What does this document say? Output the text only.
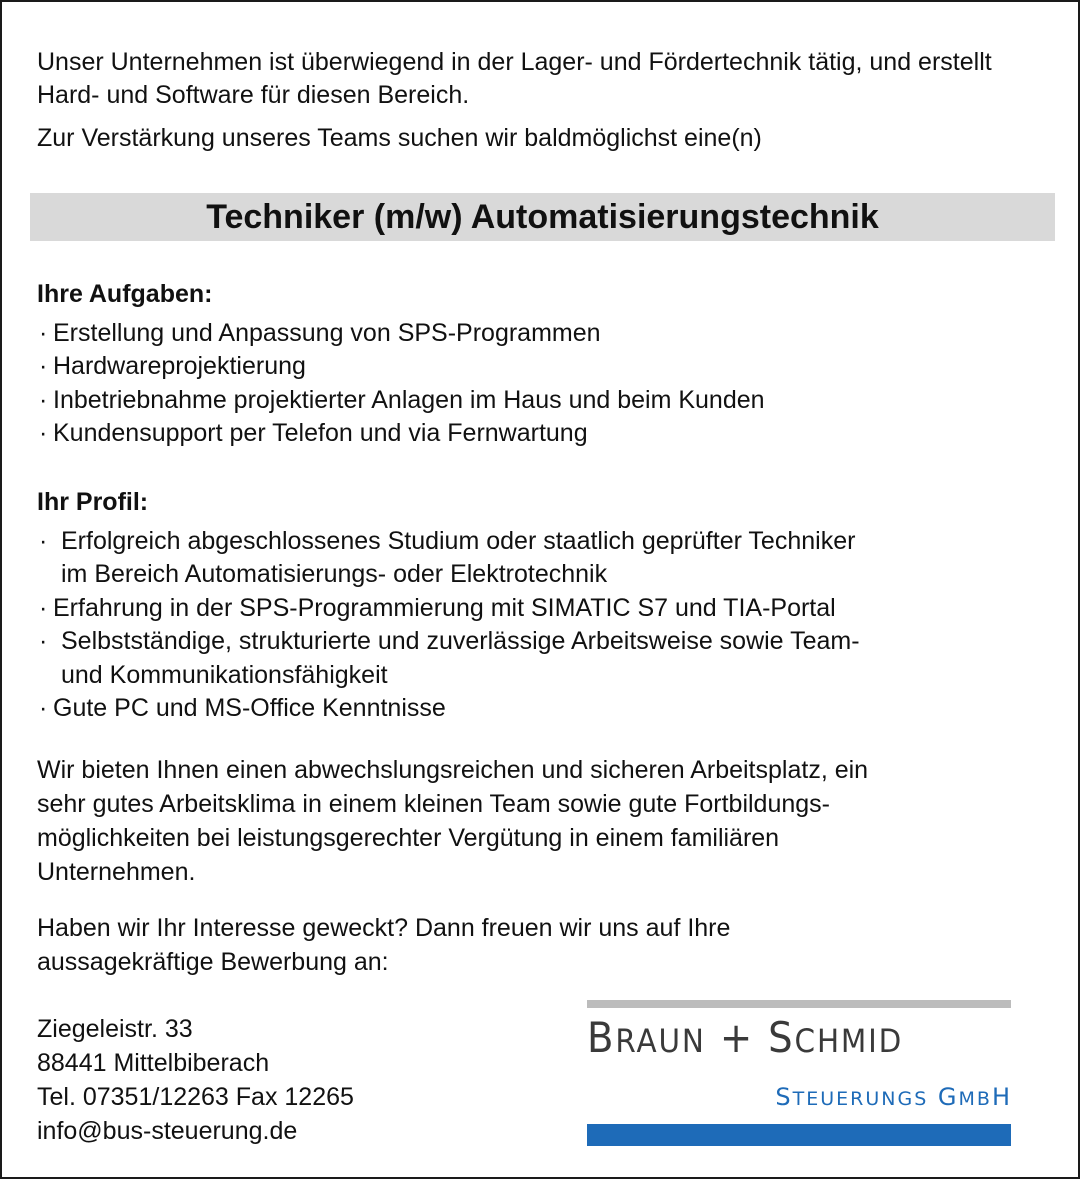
Unser Unternehmen ist überwiegend in der Lager- und Fördertechnik tätig, und erstellt Hard- und Software für diesen Bereich.

Zur Verstärkung unseres Teams suchen wir baldmöglichst eine(n)

Techniker (m/w) Automatisierungstechnik
Ihre Aufgaben:
· Erstellung und Anpassung von SPS-Programmen
· Hardwareprojektierung
· Inbetriebnahme projektierter Anlagen im Haus und beim Kunden
· Kundensupport per Telefon und via Fernwartung
Ihr Profil:
· Erfolgreich abgeschlossenes Studium oder staatlich geprüfter Techniker
im Bereich Automatisierungs- oder Elektrotechnik
· Erfahrung in der SPS-Programmierung mit SIMATIC S7 und TIA-Portal
· Selbstständige, strukturierte und zuverlässige Arbeitsweise sowie Team-
und Kommunikationsfähigkeit
· Gute PC und MS-Office Kenntnisse
Wir bieten Ihnen einen abwechslungsreichen und sicheren Arbeitsplatz, ein
sehr gutes Arbeitsklima in einem kleinen Team sowie gute Fortbildungs-
möglichkeiten bei leistungsgerechter Vergütung in einem familiären
Unternehmen.
Haben wir Ihr Interesse geweckt? Dann freuen wir uns auf Ihre
aussagekräftige Bewerbung an:
Ziegeleistr. 33
88441 Mittelbiberach
Tel. 07351/12263 Fax 12265
info@bus-steuerung.de
BRAUN + SCHMID
STEUERUNGS GMBH
